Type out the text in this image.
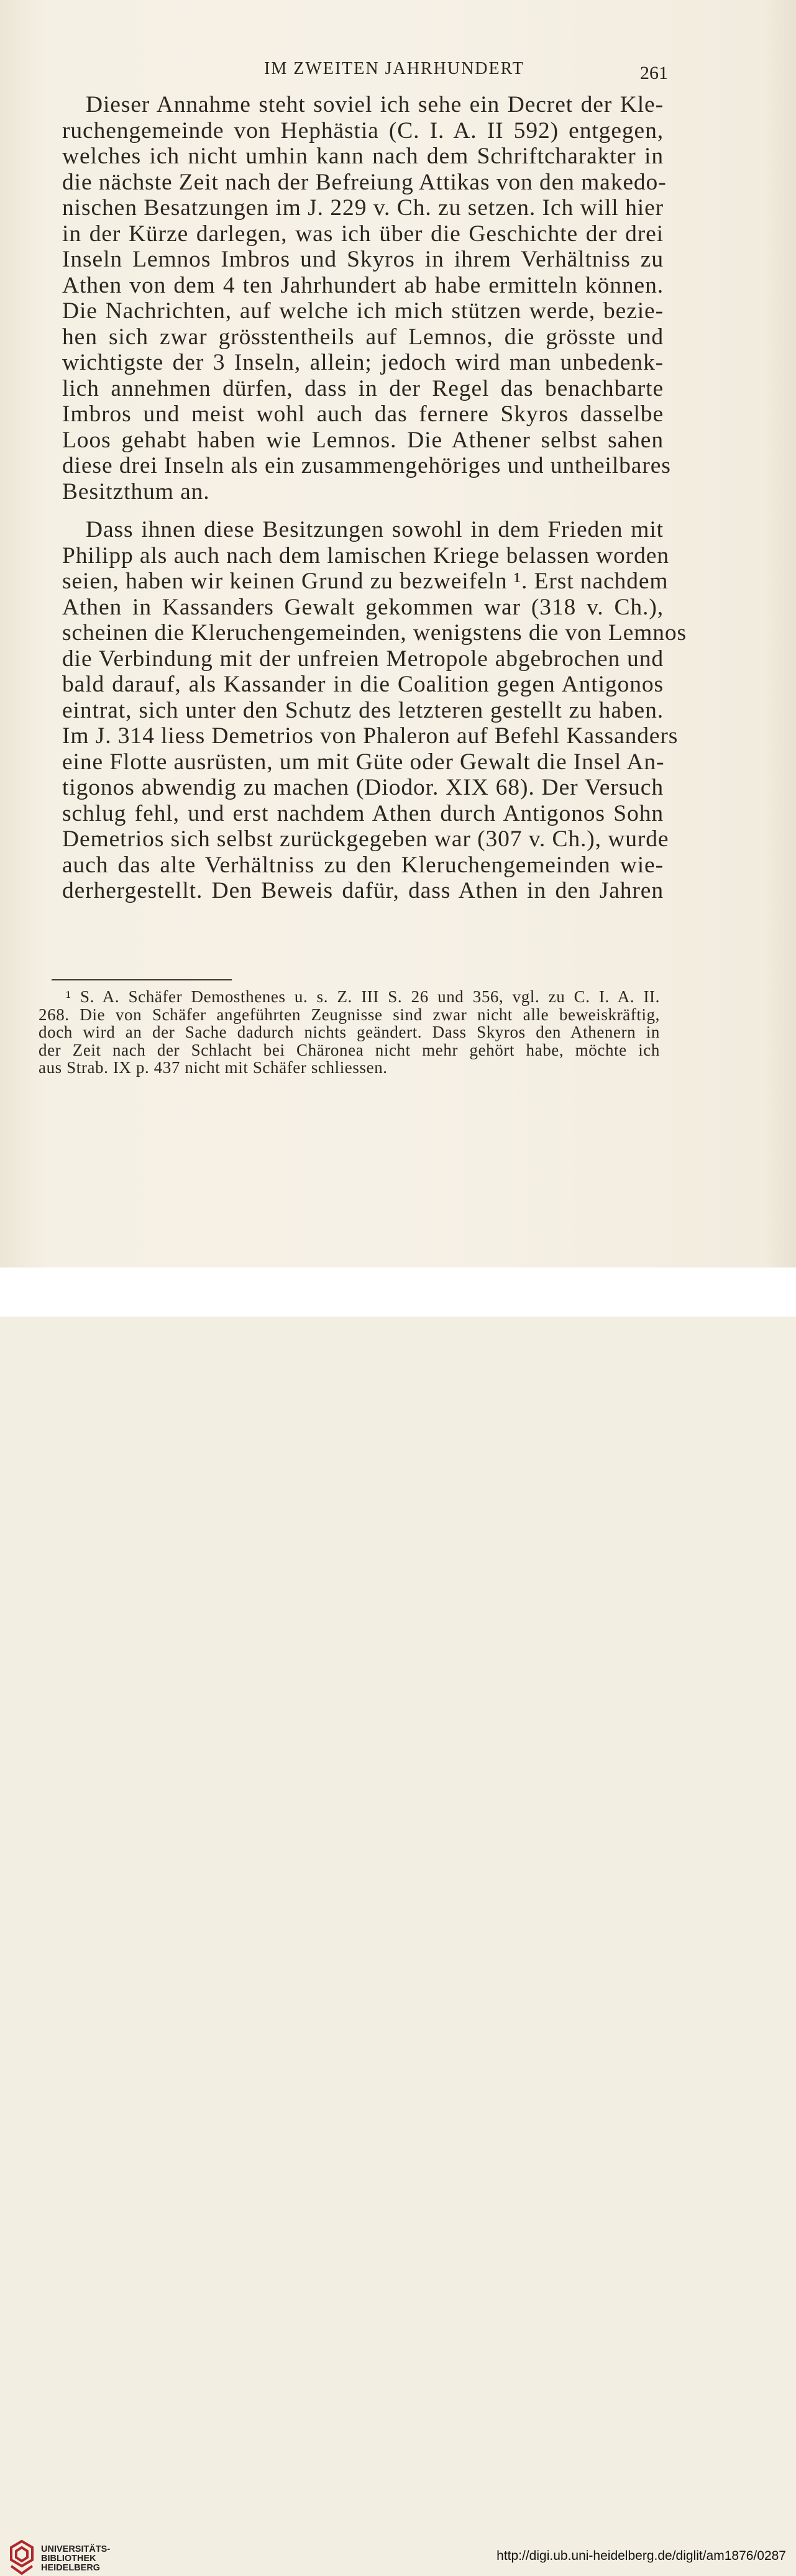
IM ZWEITEN JAHRHUNDERT	261
Dieser Annahme steht soviel ich sehe ein Decret der Kle-
ruchengemeinde von Hephästia (C. I. A. II 592) entgegen,
welches ich nicht umhin kann nach dem Schriftcharakter in
die nächste Zeit nach der Befreiung Attikas von den makedo-
nischen Besatzungen im J. 229 v. Ch. zu setzen. Ich will hier
in der Kürze darlegen, was ich über die Geschichte der drei
Inseln Lemnos Imbros und Skyros in ihrem Verhältniss zu
Athen von dem 4 ten Jahrhundert ab habe ermitteln können.
Die Nachrichten, auf welche ich mich stützen werde, bezie-
hen sich zwar grösstentheils auf Lemnos, die grösste und
wichtigste der 3 Inseln, allein; jedoch wird man unbedenk-
lich annehmen dürfen, dass in der Regel das benachbarte
Imbros und meist wohl auch das fernere Skyros dasselbe
Loos gehabt haben wie Lemnos. Die Athener selbst sahen
diese drei Inseln als ein zusammengehöriges und untheilbares
Besitzthum an.
Dass ihnen diese Besitzungen sowohl in dem Frieden mit
Philipp als auch nach dem lamischen Kriege belassen worden
seien, haben wir keinen Grund zu bezweifeln ¹. Erst nachdem
Athen in Kassanders Gewalt gekommen war (318 v. Ch.),
scheinen die Kleruchengemeinden, wenigstens die von Lemnos
die Verbindung mit der unfreien Metropole abgebrochen und
bald darauf, als Kassander in die Coalition gegen Antigonos
eintrat, sich unter den Schutz des letzteren gestellt zu haben.
Im J. 314 liess Demetrios von Phaleron auf Befehl Kassanders
eine Flotte ausrüsten, um mit Güte oder Gewalt die Insel An-
tigonos abwendig zu machen (Diodor. XIX 68). Der Versuch
schlug fehl, und erst nachdem Athen durch Antigonos Sohn
Demetrios sich selbst zurückgegeben war (307 v. Ch.), wurde
auch das alte Verhältniss zu den Kleruchengemeinden wie-
derhergestellt. Den Beweis dafür, dass Athen in den Jahren
¹ S. A. Schäfer Demosthenes u. s. Z. III S. 26 und 356, vgl. zu C. I. A. II.
268. Die von Schäfer angeführten Zeugnisse sind zwar nicht alle beweiskräftig,
doch wird an der Sache dadurch nichts geändert. Dass Skyros den Athenern in
der Zeit nach der Schlacht bei Chäronea nicht mehr gehört habe, möchte ich
aus Strab. IX p. 437 nicht mit Schäfer schliessen.
UNIVERSITÄTS-
BIBLIOTHEK
HEIDELBERG
http://digi.ub.uni-heidelberg.de/diglit/am1876/0287
